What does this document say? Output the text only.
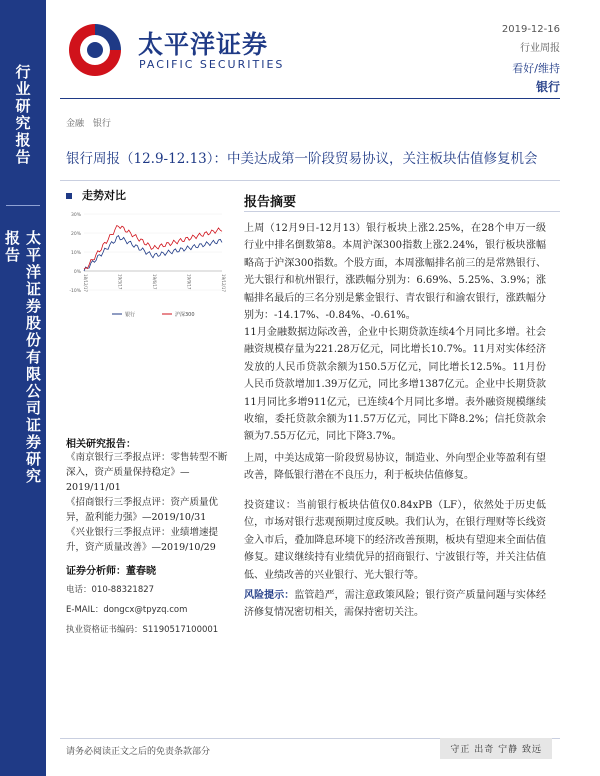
行业研究报告
太平洋证券股份有限公司证券研究报告
太平洋证券
PACIFIC SECURITIES
2019-12-16
行业周报
看好/维持
银行
金融 银行
银行周报（12.9-12.13）：中美达成第一阶段贸易协议，关注板块估值修复机会
走势对比
30%
20%
10%
0%
-10% 18/12/17	19/3/17	19/6/17	19/9/17	19/12/17
银行	沪深300
相关研究报告：
《南京银行三季报点评：零售转型不断深入，资产质量保持稳定》—2019/11/01
《招商银行三季报点评：资产质量优异，盈利能力强》—2019/10/31
《兴业银行三季报点评：业绩增速提升，资产质量改善》—2019/10/29
证券分析师：董春晓
电话：010-88321827
E-MAIL：dongcx@tpyzq.com
执业资格证书编码：S1190517100001
报告摘要
上周（12月9日-12月13）银行板块上涨2.25%，在28个申万一级行业中排名倒数第8。本周沪深300指数上涨2.24%，银行板块涨幅略高于沪深300指数。个股方面，本周涨幅排名前三的是常熟银行、光大银行和杭州银行，涨跌幅分别为：6.69%、5.25%、3.9%；涨幅排名最后的三名分别是紫金银行、青农银行和渝农银行，涨跌幅分别为：-14.17%、-0.84%、-0.61%。
11月金融数据边际改善，企业中长期贷款连续4个月同比多增。社会融资规模存量为221.28万亿元，同比增长10.7%。11月对实体经济发放的人民币贷款余额为150.5万亿元，同比增长12.5%。11月份人民币贷款增加1.39万亿元，同比多增1387亿元。企业中长期贷款11月同比多增911亿元，已连续4个月同比多增。表外融资规模继续收缩，委托贷款余额为11.57万亿元，同比下降8.2%；信托贷款余额为7.55万亿元，同比下降3.7%。
上周，中美达成第一阶段贸易协议，制造业、外向型企业等盈利有望改善，降低银行潜在不良压力，利于板块估值修复。
投资建议：当前银行板块估值仅0.84xPB（LF），依然处于历史低位，市场对银行悲观预期过度反映。我们认为，在银行理财等长线资金入市后，叠加降息环境下的经济改善预期，板块有望迎来全面估值修复。建议继续持有业绩优异的招商银行、宁波银行等，并关注估值低、业绩改善的兴业银行、光大银行等。
风险提示：监管趋严，需注意政策风险；银行资产质量问题与实体经济修复情况密切相关，需保持密切关注。
请务必阅读正文之后的免责条款部分	守正 出奇 宁静 致远
